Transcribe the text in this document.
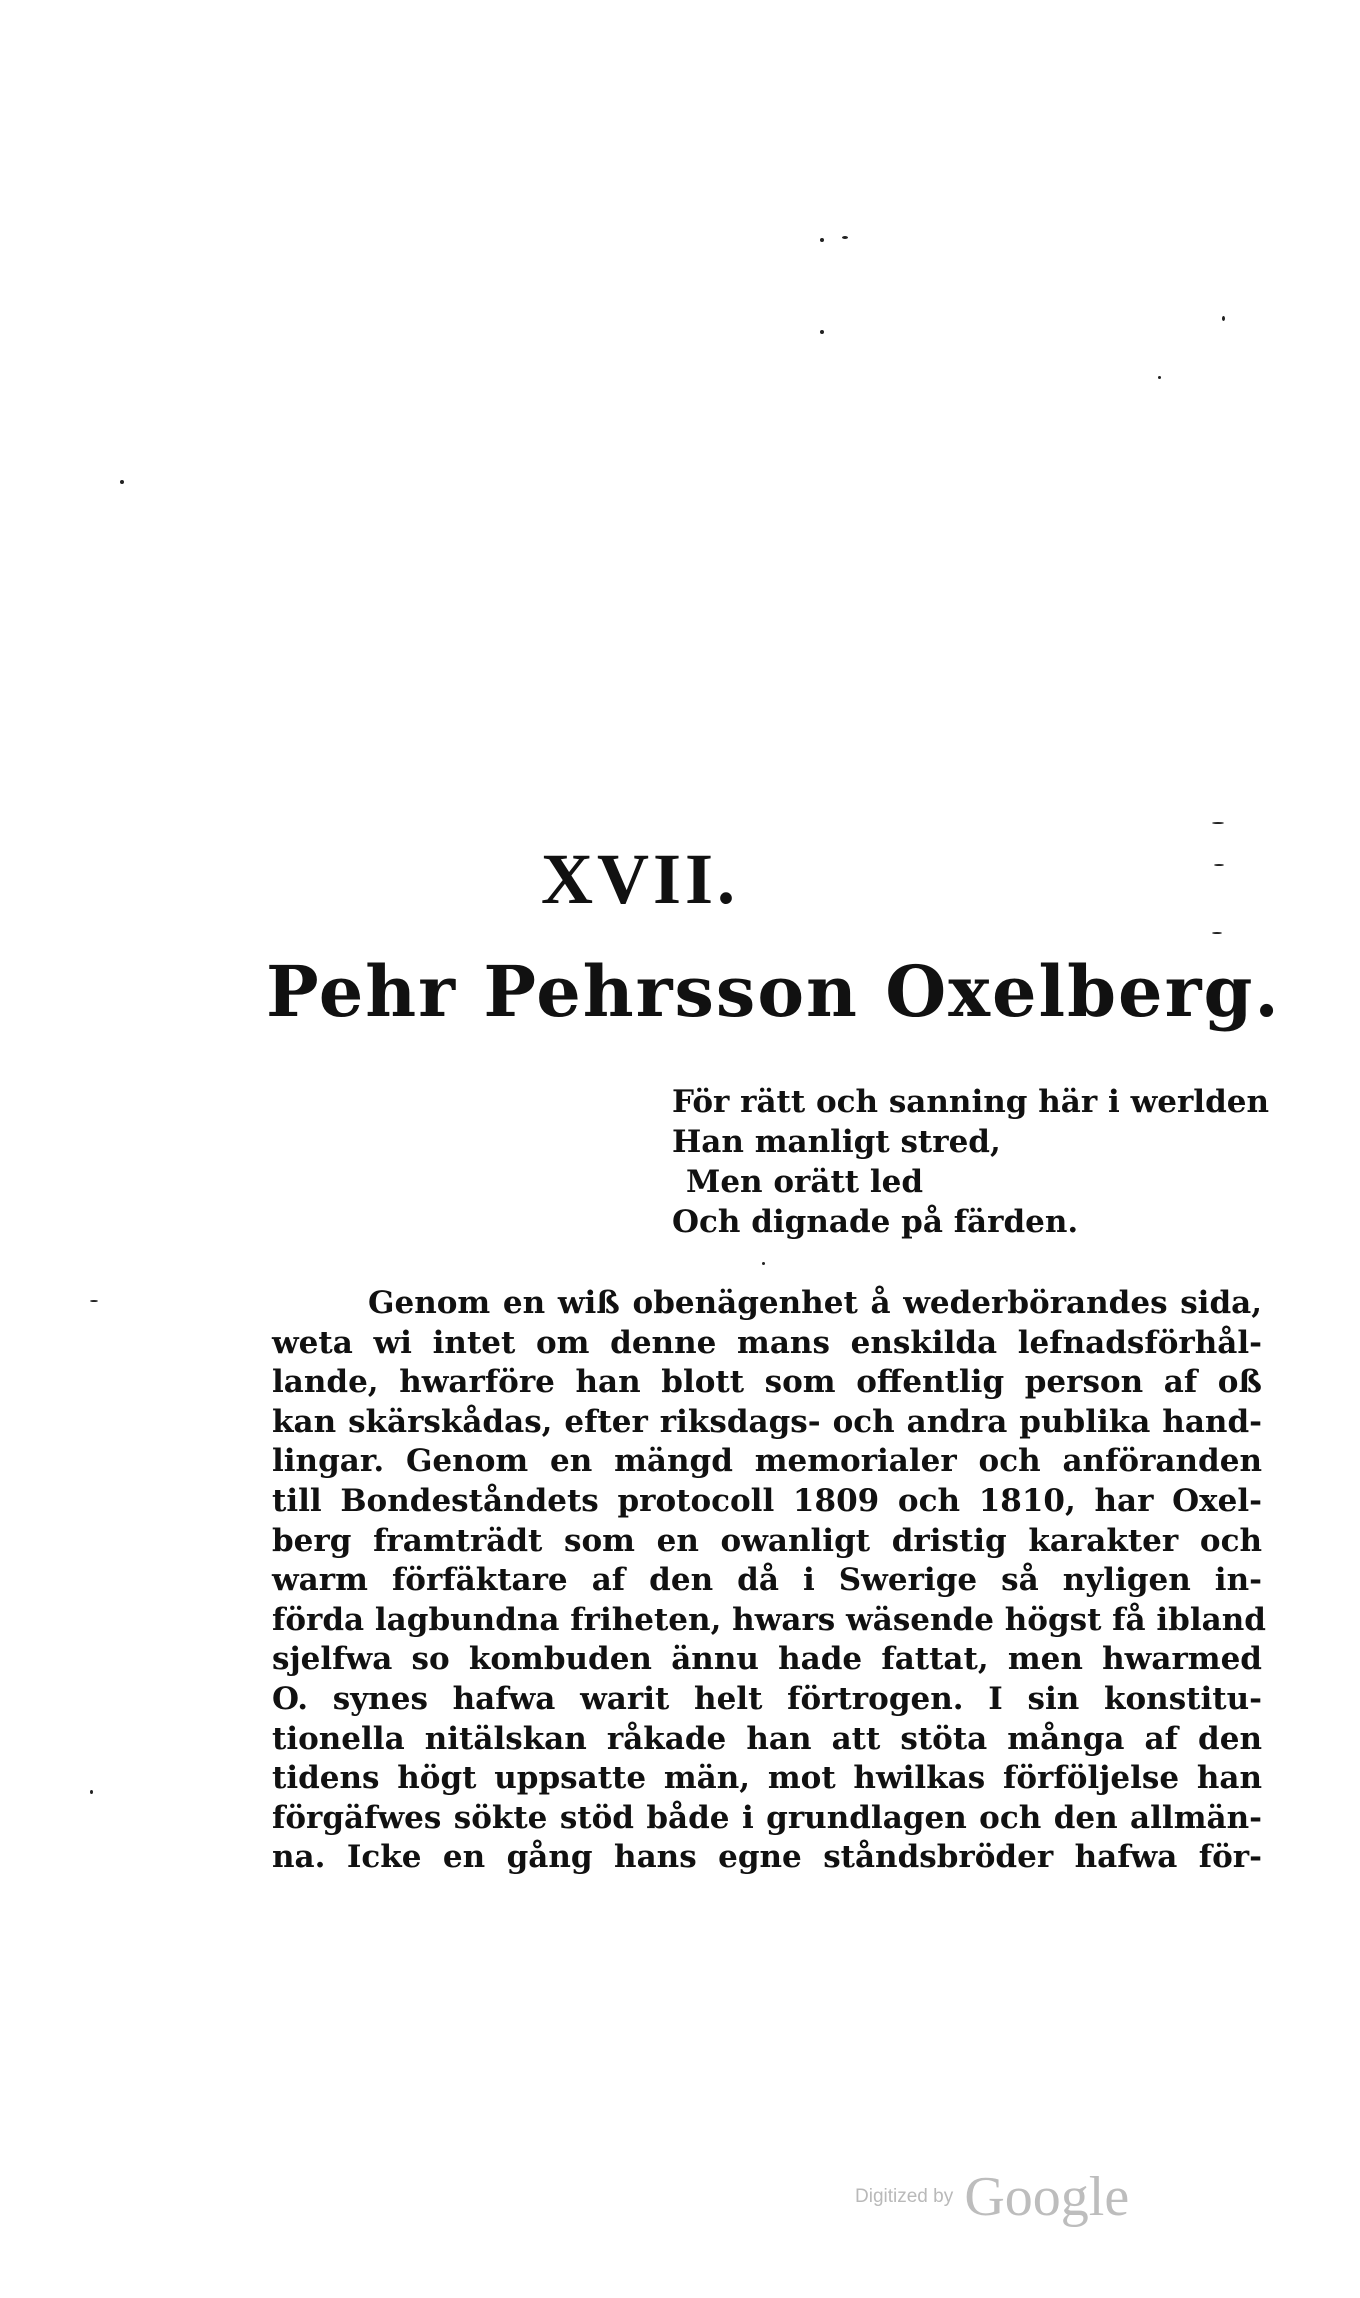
XVII.
Pehr Pehrsson Oxelberg.
För rätt och sanning här i werlden
Han manligt stred,
Men orätt led
Och dignade på färden.
Genom en wiß obenägenhet å wederbörandes sida,
weta wi intet om denne mans enskilda lefnadsförhål-
lande, hwarföre han blott som offentlig person af oß
kan skärskådas, efter riksdags- och andra publika hand-
lingar. Genom en mängd memorialer och anföranden
till Bondeståndets protocoll 1809 och 1810, har Oxel-
berg framträdt som en owanligt dristig karakter och
warm förfäktare af den då i Swerige så nyligen in-
förda lagbundna friheten, hwars wäsende högst få ibland
sjelfwa so kombuden ännu hade fattat, men hwarmed
O. synes hafwa warit helt förtrogen. I sin konstitu-
tionella nitälskan råkade han att stöta många af den
tidens högt uppsatte män, mot hwilkas förföljelse han
förgäfwes sökte stöd både i grundlagen och den allmän-
na. Icke en gång hans egne ståndsbröder hafwa för-
Digitized by Google
